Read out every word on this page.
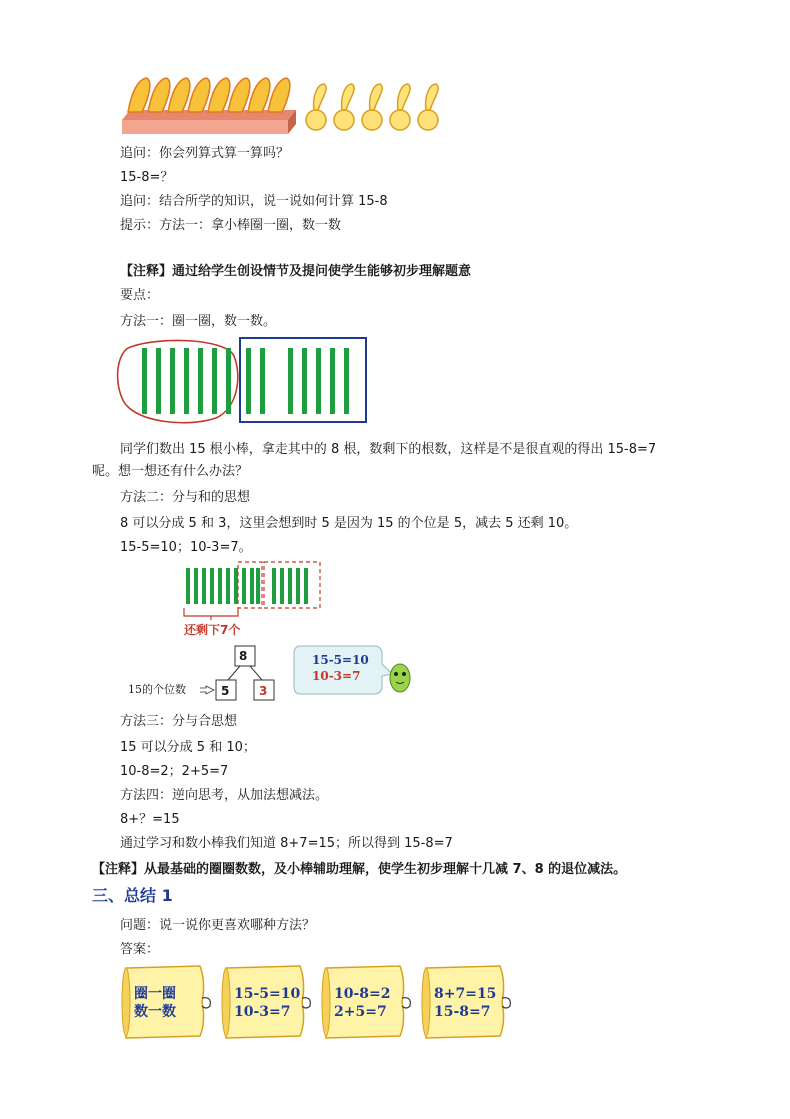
追问：你会列算式算一算吗？
15-8=？
追问：结合所学的知识，说一说如何计算 15-8
提示：方法一：拿小棒圈一圈，数一数
【注释】通过给学生创设情节及提问使学生能够初步理解题意
要点：
方法一：圈一圈，数一数。
同学们数出 15 根小棒，拿走其中的 8 根，数剩下的根数，这样是不是很直观的得出 15-8=7
呢。想一想还有什么办法？
方法二：分与和的思想
8 可以分成 5 和 3，这里会想到时 5 是因为 15 的个位是 5，减去 5 还剩 10。
15-5=10；10-3=7。
还剩下7个
8
5 3
15的个位数
15-5=10
10-3=7
方法三：分与合思想
15 可以分成 5 和 10；
10-8=2；2+5=7
方法四：逆向思考，从加法想减法。
8+？=15
通过学习和数小棒我们知道 8+7=15；所以得到 15-8=7
【注释】从最基础的圈圈数数，及小棒辅助理解，使学生初步理解十几减 7、8 的退位减法。
三、总结 1
问题：说一说你更喜欢哪种方法？
答案：
圈一圈
数一数
15-5=10
10-3=7
10-8=2
2+5=7
8+7=15
15-8=7
